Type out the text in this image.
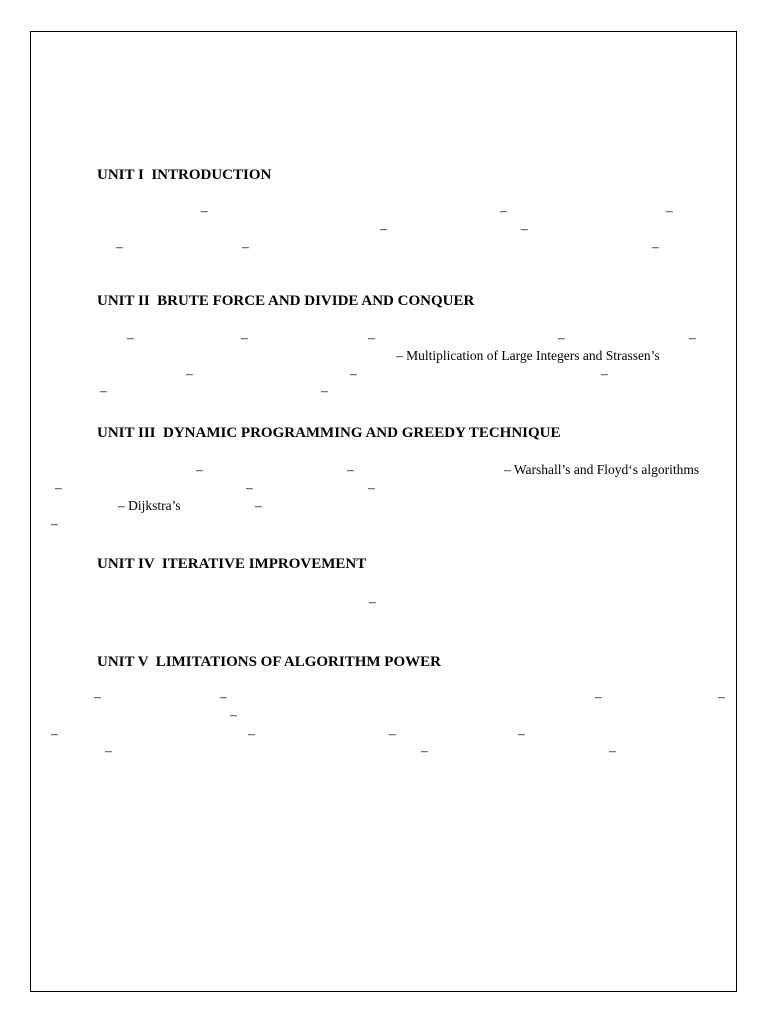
UNIT I  INTRODUCTION
–	–	–
–	–
–	–	–
UNIT II  BRUTE FORCE AND DIVIDE AND CONQUER
–	–	–	–	–
– Multiplication of Large Integers and Strassen’s
–	–	–
–	–
UNIT III  DYNAMIC PROGRAMMING AND GREEDY TECHNIQUE
–	–	– Warshall’s and Floyd‘s algorithms
–	–	–
– Dijkstra’s	–
–
UNIT IV  ITERATIVE IMPROVEMENT
–
UNIT V  LIMITATIONS OF ALGORITHM POWER
–	–	–	–
–
–	–	–	–
–	–	–
